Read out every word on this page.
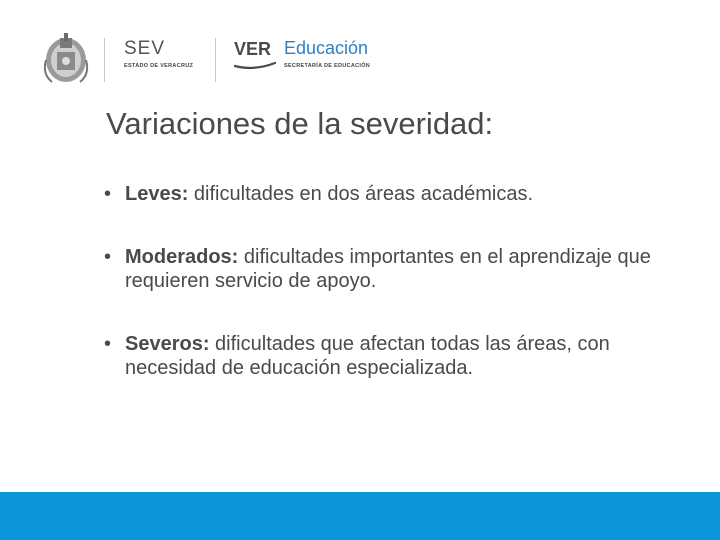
SEV
ESTADO DE VERACRUZ
VER Educación
SECRETARÍA DE EDUCACIÓN
Variaciones de la severidad:
• Leves: dificultades en dos áreas académicas.
• Moderados: dificultades importantes en el aprendizaje que requieren servicio de apoyo.
• Severos: dificultades que afectan todas las áreas, con necesidad de educación especializada.
